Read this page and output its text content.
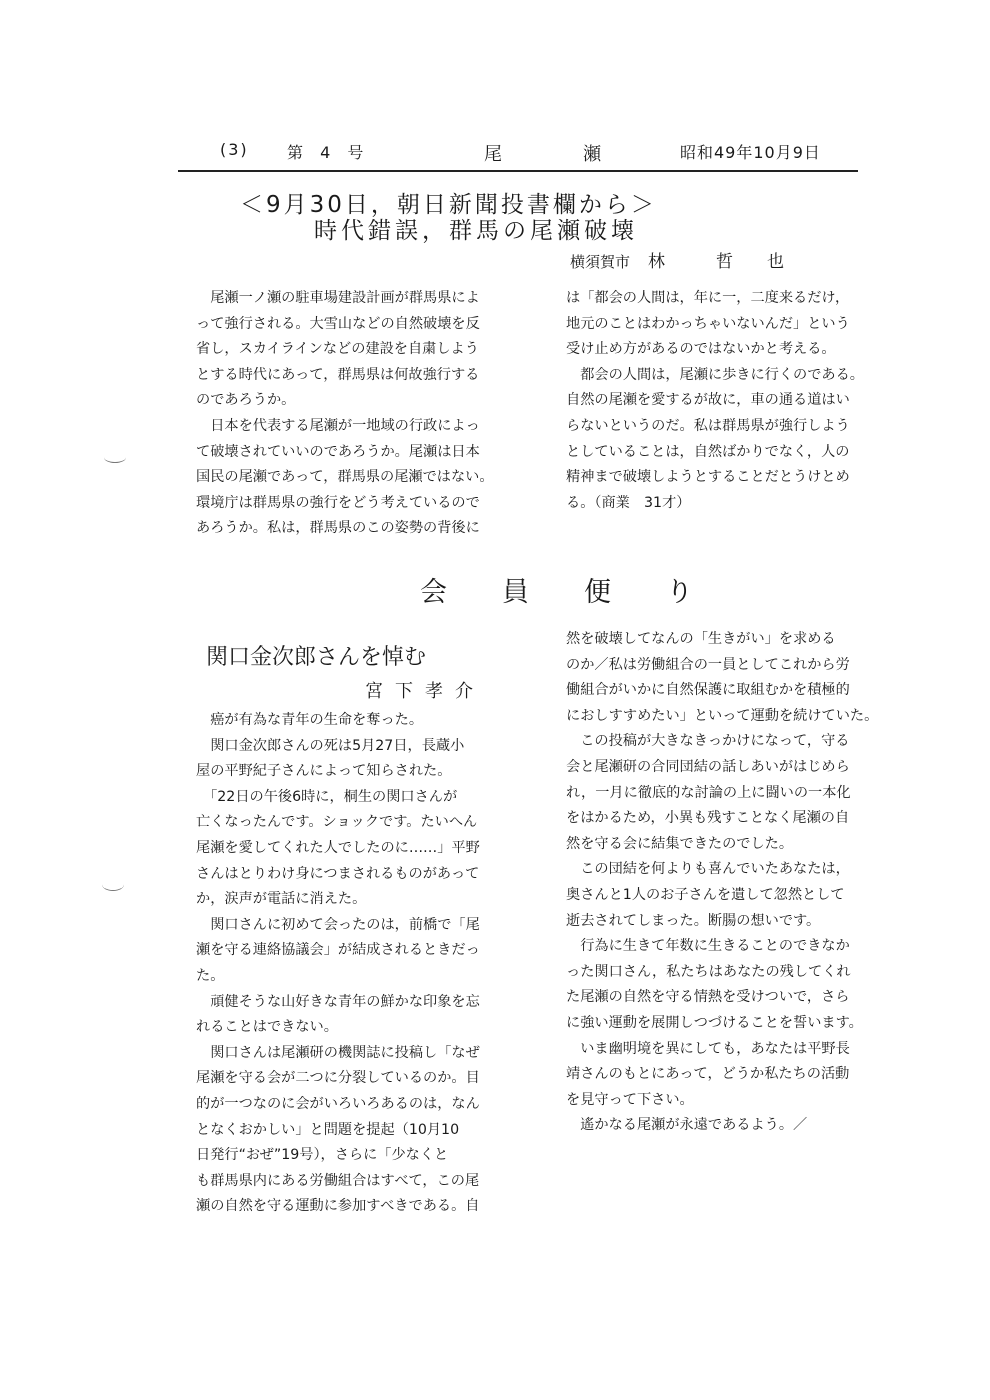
(3) 第 4 号	尾	瀬	昭和49年10月9日
＜9月30日，朝日新聞投書欄から＞
時代錯誤，群馬の尾瀬破壊
横須賀市 林　　　哲　　也

　尾瀬一ノ瀬の駐車場建設計画が群馬県によ

って強行される。大雪山などの自然破壊を反

省し，スカイラインなどの建設を自粛しよう

とする時代にあって，群馬県は何故強行する

のであろうか。

　日本を代表する尾瀬が一地域の行政によっ

て破壊されていいのであろうか。尾瀬は日本

国民の尾瀬であって，群馬県の尾瀬ではない。

環境庁は群馬県の強行をどう考えているので

あろうか。私は，群馬県のこの姿勢の背後に

は「都会の人間は，年に一，二度来るだけ，

地元のことはわかっちゃいないんだ」という

受け止め方があるのではないかと考える。

　都会の人間は，尾瀬に歩きに行くのである。

自然の尾瀬を愛するが故に，車の通る道はい

らないというのだ。私は群馬県が強行しよう

としていることは，自然ばかりでなく，人の

精神まで破壊しようとすることだとうけとめ

る。（商業　31才）

会員便り
関口金次郎さんを悼む
宮下孝介

　癌が有為な青年の生命を奪った。

　関口金次郎さんの死は5月27日，長蔵小

屋の平野紀子さんによって知らされた。

　「22日の午後6時に，桐生の関口さんが

亡くなったんです。ショックです。たいへん

尾瀬を愛してくれた人でしたのに……」平野

さんはとりわけ身につまされるものがあって

か，涙声が電話に消えた。

　関口さんに初めて会ったのは，前橋で「尾

瀬を守る連絡協議会」が結成されるときだっ

た。

　頑健そうな山好きな青年の鮮かな印象を忘

れることはできない。

　関口さんは尾瀬研の機関誌に投稿し「なぜ

尾瀬を守る会が二つに分裂しているのか。目

的が一つなのに会がいろいろあるのは，なん

となくおかしい」と問題を提起（10月10

日発行“おぜ”19号），さらに「少なくと

も群馬県内にある労働組合はすべて，この尾

瀬の自然を守る運動に参加すべきである。自

然を破壊してなんの「生きがい」を求める

のか／私は労働組合の一員としてこれから労

働組合がいかに自然保護に取組むかを積極的

におしすすめたい」といって運動を続けていた。

　この投稿が大きなきっかけになって，守る

会と尾瀬研の合同団結の話しあいがはじめら

れ，一月に徹底的な討論の上に闘いの一本化

をはかるため，小異も残すことなく尾瀬の自

然を守る会に結集できたのでした。

　この団結を何よりも喜んでいたあなたは，

奥さんと1人のお子さんを遺して忽然として

逝去されてしまった。断腸の想いです。

　行為に生きて年数に生きることのできなか

った関口さん，私たちはあなたの残してくれ

た尾瀬の自然を守る情熱を受けついで，さら

に強い運動を展開しつづけることを誓います。

　いま幽明境を異にしても，あなたは平野長

靖さんのもとにあって，どうか私たちの活動

を見守って下さい。

　遙かなる尾瀬が永遠であるよう。／
